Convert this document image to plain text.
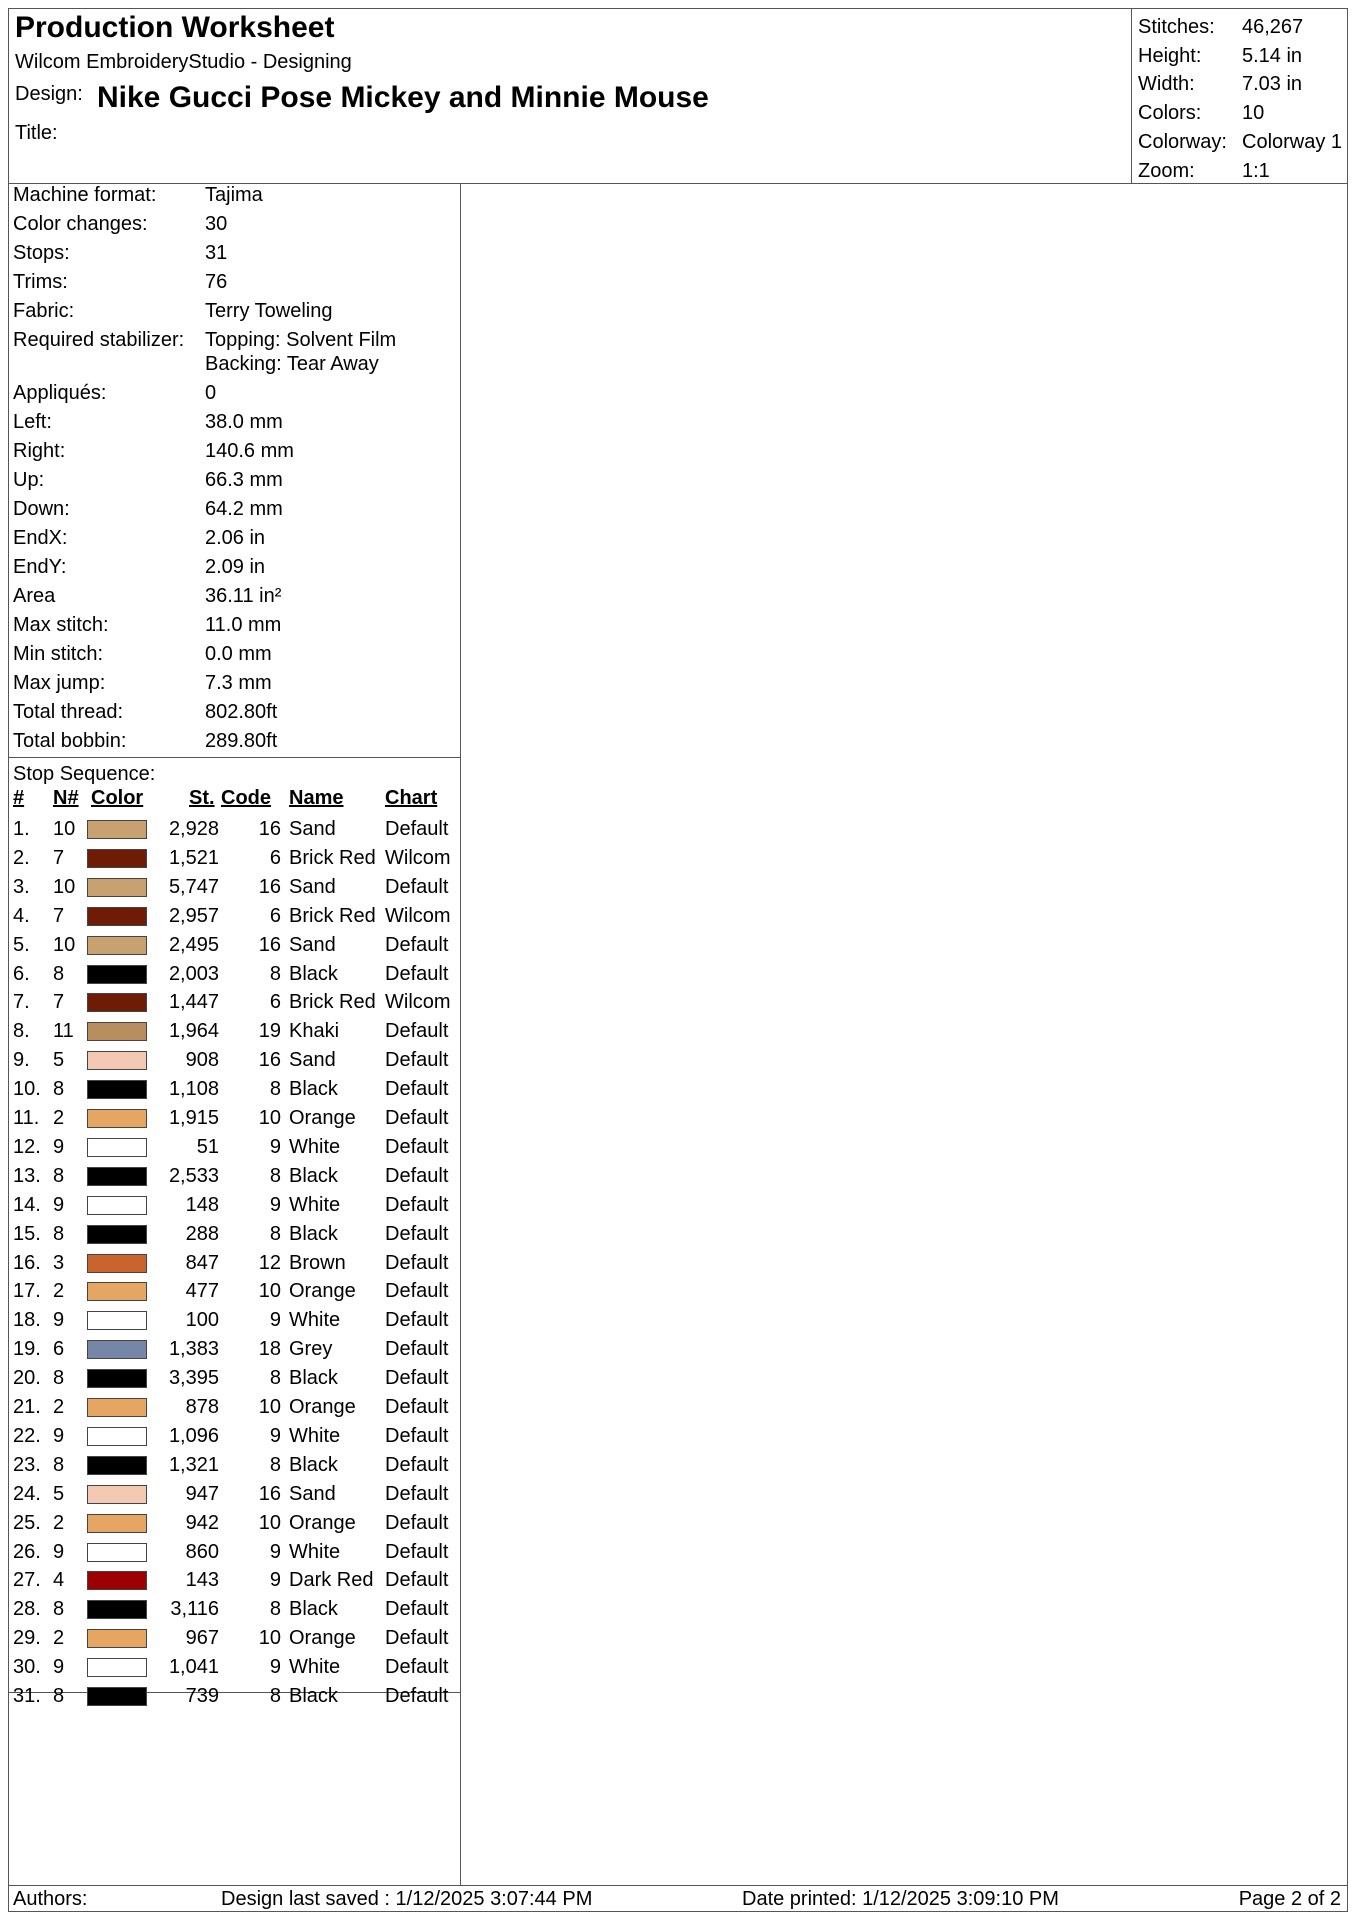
Production Worksheet
Wilcom EmbroideryStudio - Designing
Design: Nike Gucci Pose Mickey and Minnie Mouse
Title:
Stitches:	46,267
Height:	5.14 in
Width:	7.03 in
Colors:	10
Colorway: Colorway 1
Zoom:	1:1
Machine format:	Tajima
Color changes:	30
Stops:	31
Trims:	76
Fabric:	Terry Toweling
Required stabilizer:	Topping: Solvent Film
Backing: Tear Away
Appliqués:	0
Left:	38.0 mm
Right:	140.6 mm
Up:	66.3 mm
Down:	64.2 mm
EndX:	2.06 in
EndY:	2.09 in
Area	36.11 in²
Max stitch:	11.0 mm
Min stitch:	0.0 mm
Max jump:	7.3 mm
Total thread:	802.80ft
Total bobbin:	289.80ft
Stop Sequence:
# N# Color St. Code Name Chart
1. 10	2,928	16 Sand Default
2. 7	1,521	6 Brick Red Wilcom
3. 10	5,747	16 Sand Default
4. 7	2,957	6 Brick Red Wilcom
5. 10	2,495	16 Sand Default
6. 8	2,003	8 Black Default
7. 7	1,447	6 Brick Red Wilcom
8. 11	1,964	19 Khaki Default
9. 5	908	16 Sand Default
10. 8	1,108	8 Black Default
11. 2	1,915	10 Orange Default
12. 9	51	9 White Default
13. 8	2,533	8 Black Default
14. 9	148	9 White Default
15. 8	288	8 Black Default
16. 3	847	12 Brown Default
17. 2	477	10 Orange Default
18. 9	100	9 White Default
19. 6	1,383	18 Grey	Default
20. 8	3,395	8 Black Default
21. 2	878	10 Orange Default
22. 9	1,096	9 White Default
23. 8	1,321	8 Black Default
24. 5	947	16 Sand Default
25. 2	942	10 Orange Default
26. 9	860	9 White Default
27. 4	143	9 Dark Red Default
28. 8	3,116	8 Black Default
29. 2	967	10 Orange Default
30. 9	1,041	9 White Default
31. 8	739	8 Black Default
Authors:	Design last saved : 1/12/2025 3:07:44 PM	Date printed: 1/12/2025 3:09:10 PM	Page 2 of 2
